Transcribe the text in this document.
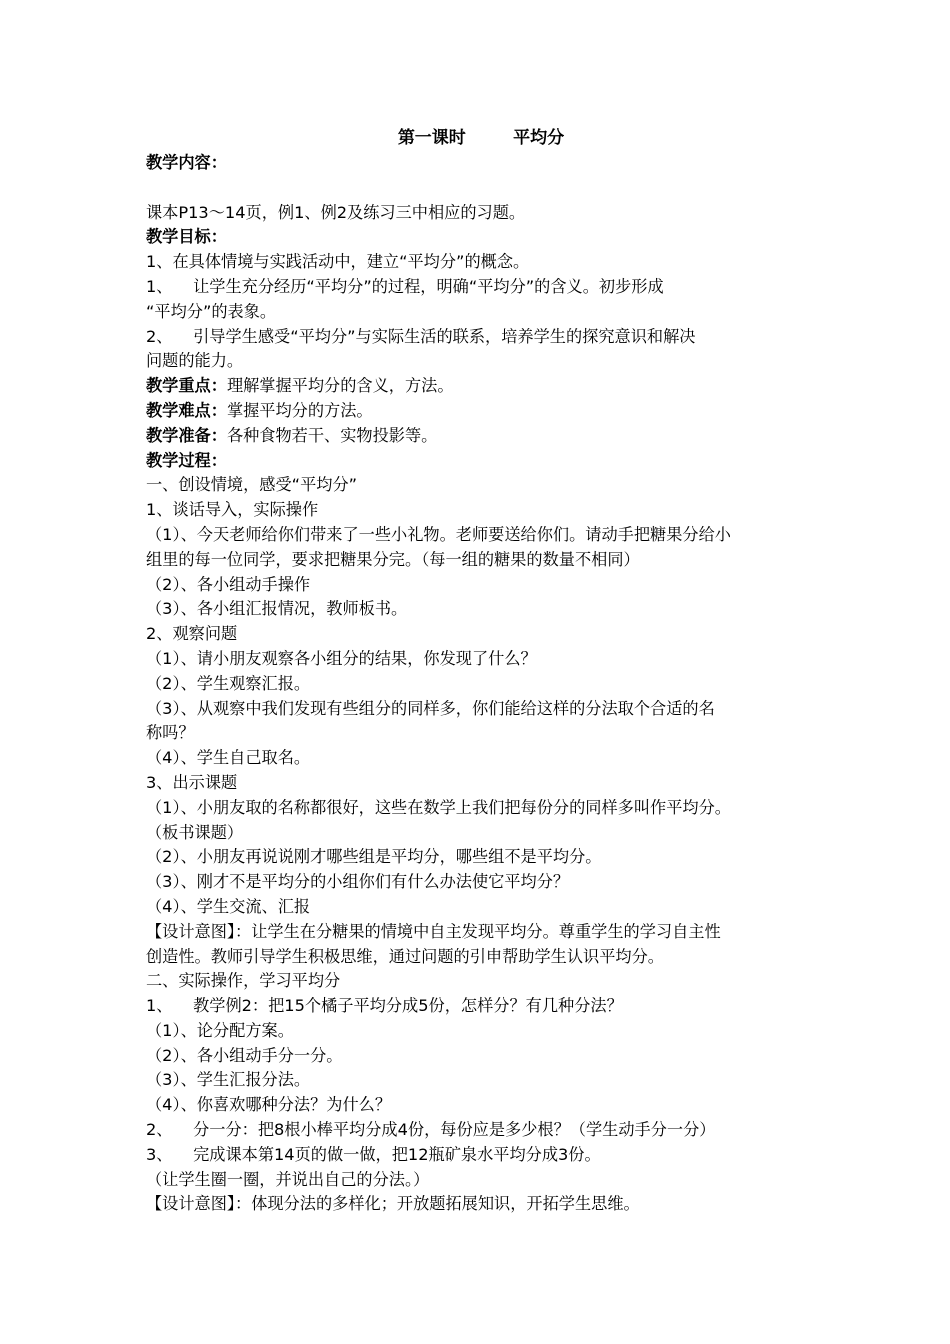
第一课时        平均分
教学内容：
课本P13～14页，例1、例2及练习三中相应的习题。
教学目标：
1、在具体情境与实践活动中，建立“平均分”的概念。
1、    让学生充分经历“平均分”的过程，明确“平均分”的含义。初步形成
“平均分”的表象。
2、    引导学生感受“平均分”与实际生活的联系，培养学生的探究意识和解决
问题的能力。
教学重点：理解掌握平均分的含义，方法。
教学难点：掌握平均分的方法。
教学准备：各种食物若干、实物投影等。
教学过程：
一、创设情境，感受“平均分”
1、谈话导入，实际操作
（1）、今天老师给你们带来了一些小礼物。老师要送给你们。请动手把糖果分给小
组里的每一位同学，要求把糖果分完。（每一组的糖果的数量不相同）
（2）、各小组动手操作
（3）、各小组汇报情况，教师板书。
2、观察问题
（1）、请小朋友观察各小组分的结果，你发现了什么？
（2）、学生观察汇报。
（3）、从观察中我们发现有些组分的同样多，你们能给这样的分法取个合适的名
称吗？
（4）、学生自己取名。
3、出示课题
（1）、小朋友取的名称都很好，这些在数学上我们把每份分的同样多叫作平均分。
（板书课题）
（2）、小朋友再说说刚才哪些组是平均分，哪些组不是平均分。
（3）、刚才不是平均分的小组你们有什么办法使它平均分？
（4）、学生交流、汇报
【设计意图】：让学生在分糖果的情境中自主发现平均分。尊重学生的学习自主性
创造性。教师引导学生积极思维，通过问题的引申帮助学生认识平均分。
二、实际操作，学习平均分
1、    教学例2：把15个橘子平均分成5份，怎样分？有几种分法？
（1）、论分配方案。
（2）、各小组动手分一分。
（3）、学生汇报分法。
（4）、你喜欢哪种分法？为什么？
2、    分一分：把8根小棒平均分成4份，每份应是多少根？（学生动手分一分）
3、    完成课本第14页的做一做，把12瓶矿泉水平均分成3份。
（让学生圈一圈，并说出自己的分法。）
【设计意图】：体现分法的多样化；开放题拓展知识，开拓学生思维。
